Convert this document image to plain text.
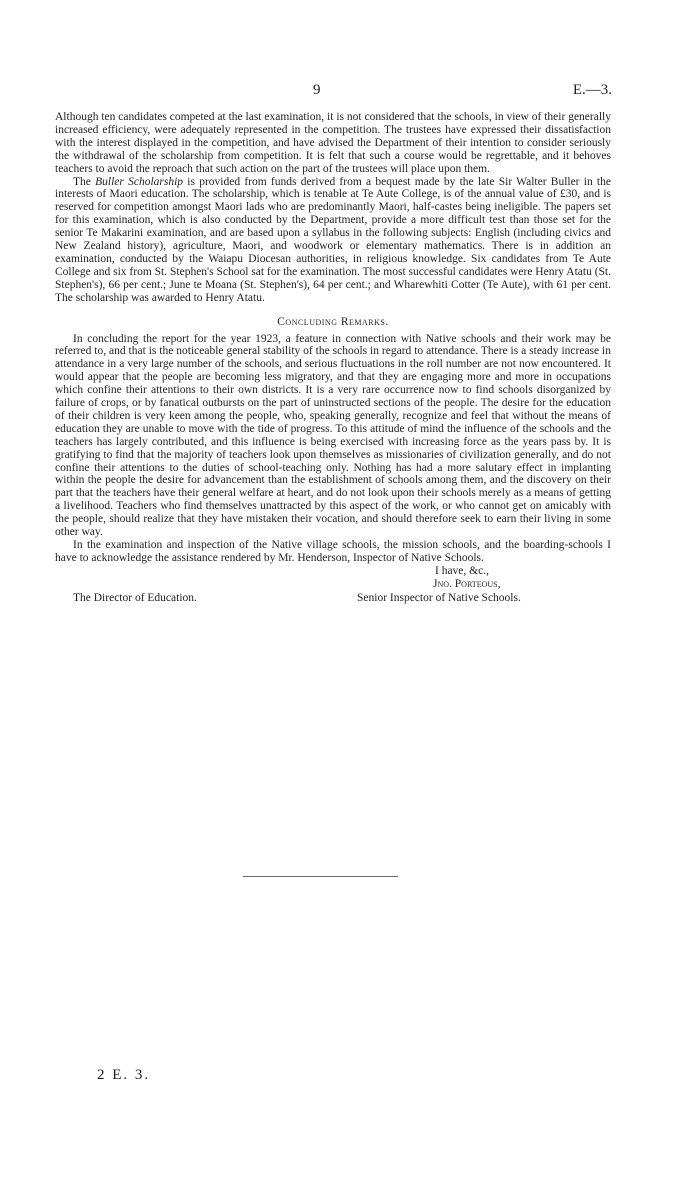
9	E.—3.

Although ten candidates competed at the last examination, it is not considered that the schools, in view of their generally increased efficiency, were adequately represented in the competition. The trustees have expressed their dissatisfaction with the interest displayed in the competition, and have advised the Department of their intention to consider seriously the withdrawal of the scholarship from competition. It is felt that such a course would be regrettable, and it behoves teachers to avoid the reproach that such action on the part of the trustees will place upon them.

The Buller Scholarship is provided from funds derived from a bequest made by the late Sir Walter Buller in the interests of Maori education. The scholarship, which is tenable at Te Aute College, is of the annual value of £30, and is reserved for competition amongst Maori lads who are predominantly Maori, half-castes being ineligible. The papers set for this examination, which is also conducted by the Department, provide a more difficult test than those set for the senior Te Makarini examination, and are based upon a syllabus in the following subjects: English (including civics and New Zealand history), agriculture, Maori, and woodwork or elementary mathematics. There is in addition an examination, conducted by the Waiapu Diocesan authorities, in religious knowledge. Six candidates from Te Aute College and six from St. Stephen's School sat for the examination. The most successful candidates were Henry Atatu (St. Stephen's), 66 per cent.; June te Moana (St. Stephen's), 64 per cent.; and Wharewhiti Cotter (Te Aute), with 61 per cent. The scholarship was awarded to Henry Atatu.

Concluding Remarks.

In concluding the report for the year 1923, a feature in connection with Native schools and their work may be referred to, and that is the noticeable general stability of the schools in regard to attendance. There is a steady increase in attendance in a very large number of the schools, and serious fluctuations in the roll number are not now encountered. It would appear that the people are becoming less migratory, and that they are engaging more and more in occupations which confine their attentions to their own districts. It is a very rare occurrence now to find schools disorganized by failure of crops, or by fanatical outbursts on the part of uninstructed sections of the people. The desire for the education of their children is very keen among the people, who, speaking generally, recognize and feel that without the means of education they are unable to move with the tide of progress. To this attitude of mind the influence of the schools and the teachers has largely contributed, and this influence is being exercised with increasing force as the years pass by. It is gratifying to find that the majority of teachers look upon themselves as missionaries of civilization generally, and do not confine their attentions to the duties of school-teaching only. Nothing has had a more salutary effect in implanting within the people the desire for advancement than the establishment of schools among them, and the discovery on their part that the teachers have their general welfare at heart, and do not look upon their schools merely as a means of getting a livelihood. Teachers who find themselves unattracted by this aspect of the work, or who cannot get on amicably with the people, should realize that they have mistaken their vocation, and should therefore seek to earn their living in some other way.

In the examination and inspection of the Native village schools, the mission schools, and the boarding-schools I have to acknowledge the assistance rendered by Mr. Henderson, Inspector of Native Schools.

I have, &c.,
Jno. Porteous,
The Director of Education.	Senior Inspector of Native Schools.
2 E. 3.
